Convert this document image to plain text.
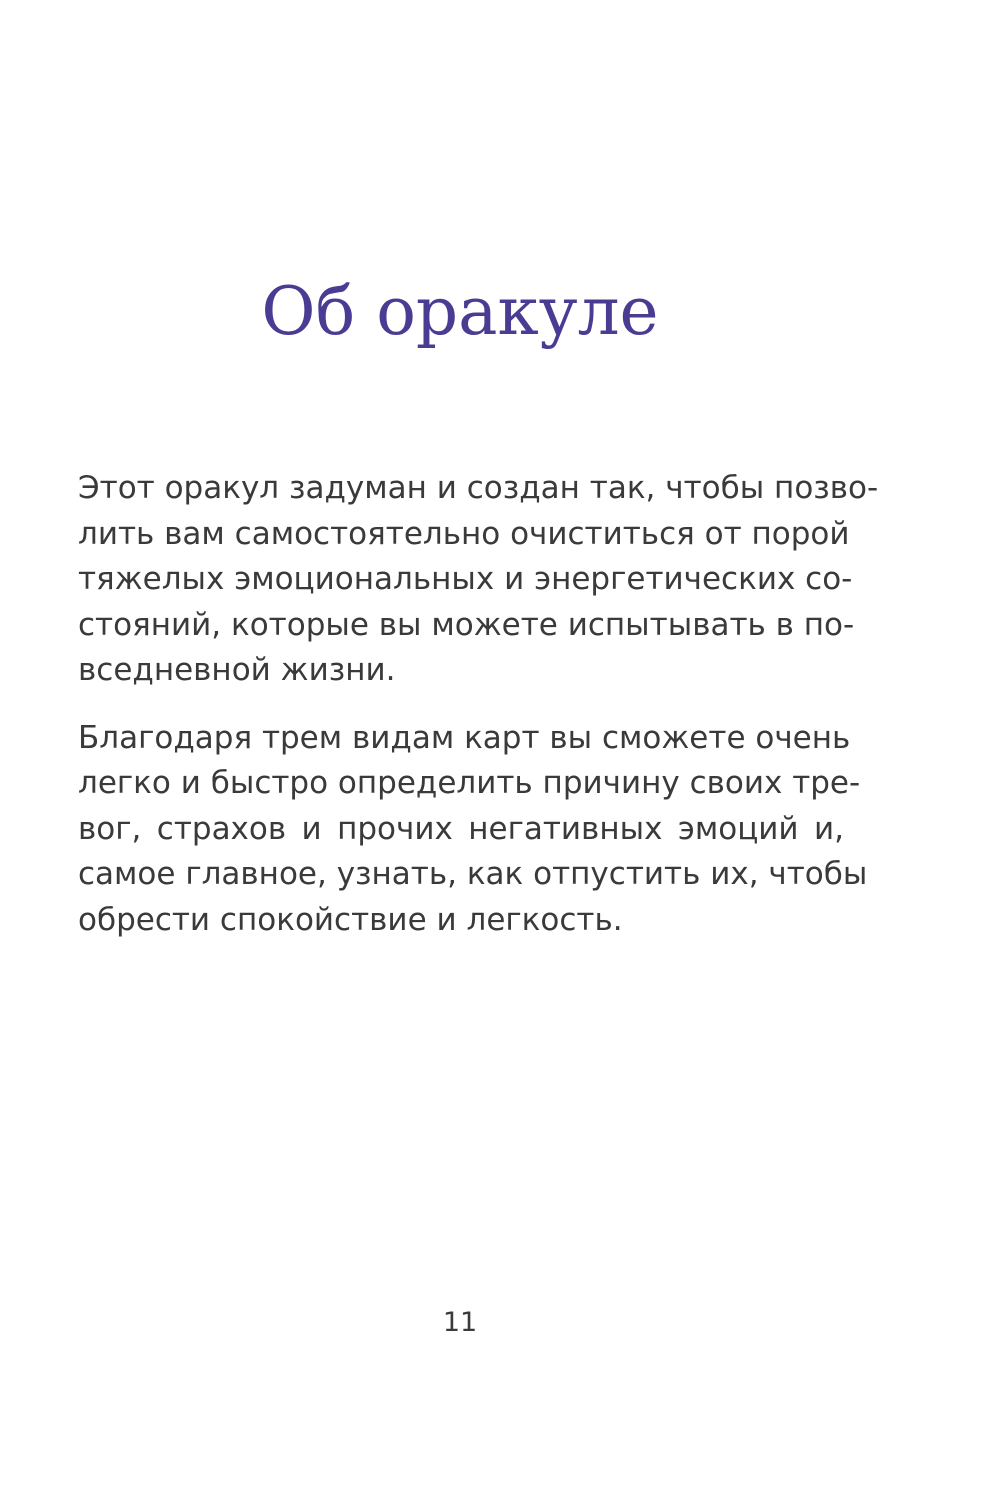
Об оракуле

Этот оракул задуман и создан так, чтобы позво-
лить вам самостоятельно очиститься от порой
тяжелых эмоциональных и энергетических со-
стояний, которые вы можете испытывать в по-
вседневной жизни.

Благодаря трем видам карт вы сможете очень
легко и быстро определить причину своих тре-
вог, страхов и прочих негативных эмоций и,
самое главное, узнать, как отпустить их, чтобы
обрести спокойствие и легкость.

11
